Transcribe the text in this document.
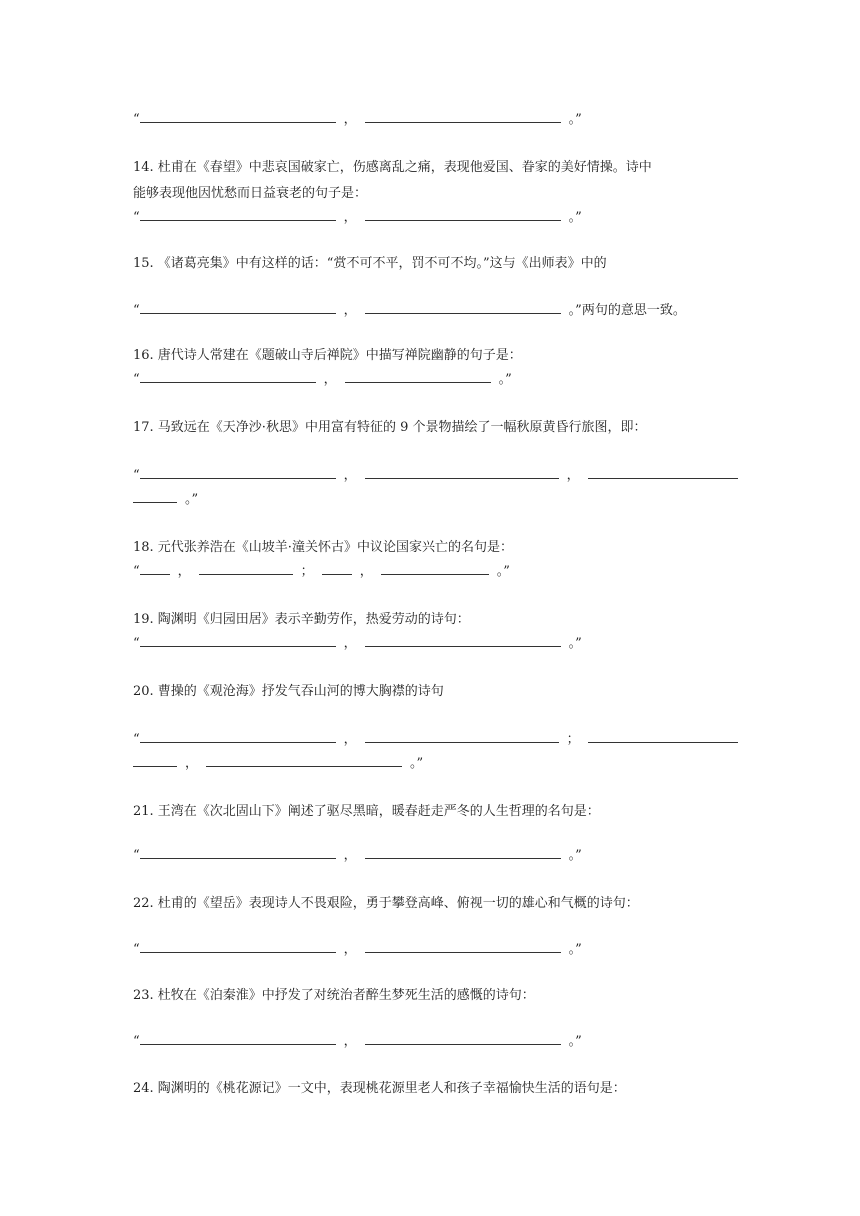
“	，	。”
14. 杜甫在《春望》中悲哀国破家亡，伤感离乱之痛，表现他爱国、眷家的美好情操。诗中
能够表现他因忧愁而日益衰老的句子是：
“	，	。”
15. 《诸葛亮集》中有这样的话：“赏不可不平，罚不可不均。”这与《出师表》中的
“	，	。”两句的意思一致。
16. 唐代诗人常建在《题破山寺后禅院》中描写禅院幽静的句子是：
“	，	。”
17. 马致远在《天净沙·秋思》中用富有特征的 9 个景物描绘了一幅秋原黄昏行旅图，即：
“	，	，
。”
18. 元代张养浩在《山坡羊·潼关怀古》中议论国家兴亡的名句是：
“	，	；	，	。”
19. 陶渊明《归园田居》表示辛勤劳作，热爱劳动的诗句：
“	，	。”
20. 曹操的《观沧海》抒发气吞山河的博大胸襟的诗句
“	，	；
，	。”
21. 王湾在《次北固山下》阐述了驱尽黑暗，暖春赶走严冬的人生哲理的名句是：
“	，	。”
22. 杜甫的《望岳》表现诗人不畏艰险，勇于攀登高峰、俯视一切的雄心和气概的诗句：
“	，	。”
23. 杜牧在《泊秦淮》中抒发了对统治者醉生梦死生活的感慨的诗句：
“	，	。”
24. 陶渊明的《桃花源记》一文中，表现桃花源里老人和孩子幸福愉快生活的语句是：
